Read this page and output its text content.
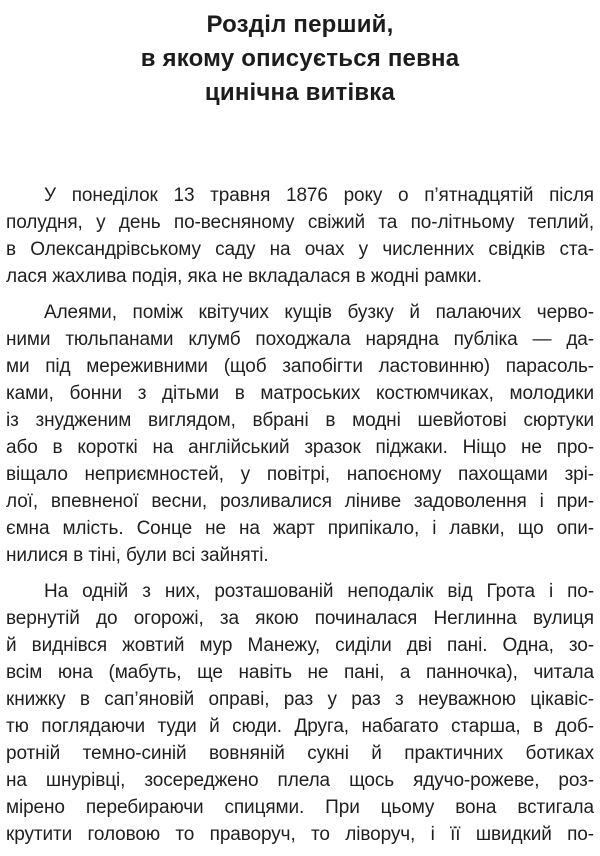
Розділ перший,
в якому описується певна
цинічна витівка
У понеділок 13 травня 1876 року о п’ятнадцятій після
полудня, у день по-весняному свіжий та по-літньому теплий,
в Олександрівському саду на очах у численних свідків ста-
лася жахлива подія, яка не вкладалася в жодні рамки.
Алеями, поміж квітучих кущів бузку й палаючих черво-
ними тюльпанами клумб походжала нарядна публіка — да-
ми під мереживними (щоб запобігти ластовинню) парасоль-
ками, бонни з дітьми в матроських костюмчиках, молодики
із знудженим виглядом, вбрані в модні шевйотові сюртуки
або в короткі на англійський зразок піджаки. Ніщо не про-
віщало неприємностей, у повітрі, напоєному пахощами зрі-
лої, впевненої весни, розливалися ліниве задоволення і при-
ємна млість. Сонце не на жарт припікало, і лавки, що опи-
нилися в тіні, були всі зайняті.
На одній з них, розташованій неподалік від Грота і по-
вернутій до огорожі, за якою починалася Неглинна вулиця
й виднівся жовтий мур Манежу, сиділи дві пані. Одна, зо-
всім юна (мабуть, ще навіть не пані, а панночка), читала
книжку в сап’яновій оправі, раз у раз з неуважною цікавіс-
тю поглядаючи туди й сюди. Друга, набагато старша, в доб-
ротній темно-синій вовняній сукні й практичних ботиках
на шнурівці, зосереджено плела щось ядучо-рожеве, роз-
мірено перебираючи спицями. При цьому вона встигала
крутити головою то праворуч, то ліворуч, і її швидкий по-
